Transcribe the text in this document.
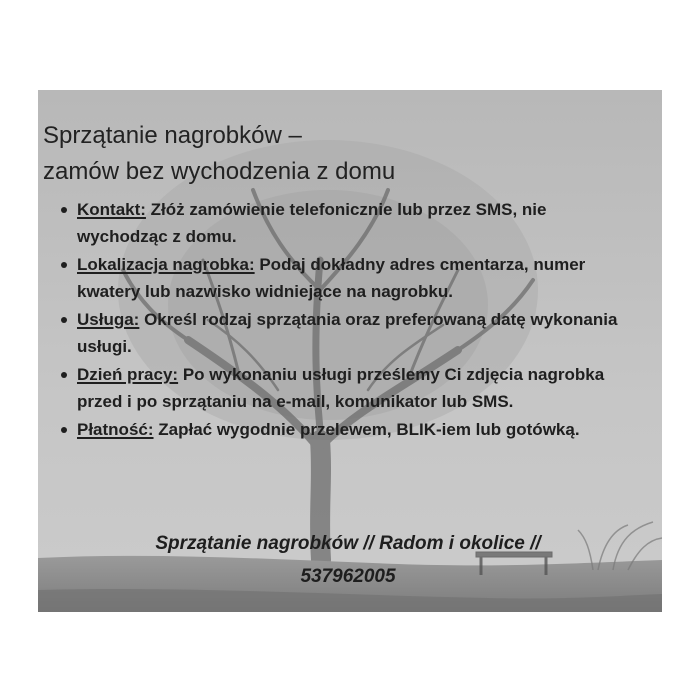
Sprzątanie nagrobków –
zamów bez wychodzenia z domu
Kontakt: Złóż zamówienie telefonicznie lub przez SMS, nie wychodząc z domu.
Lokalizacja nagrobka: Podaj dokładny adres cmentarza, numer kwatery lub nazwisko widniejące na nagrobku.
Usługa: Określ rodzaj sprzątania oraz preferowaną datę wykonania usługi.
Dzień pracy: Po wykonaniu usługi prześlemy Ci zdjęcia nagrobka przed i po sprzątaniu na e-mail, komunikator lub SMS.
Płatność: Zapłać wygodnie przelewem, BLIK-iem lub gotówką.
Sprzątanie nagrobków // Radom i okolice //
537962005
